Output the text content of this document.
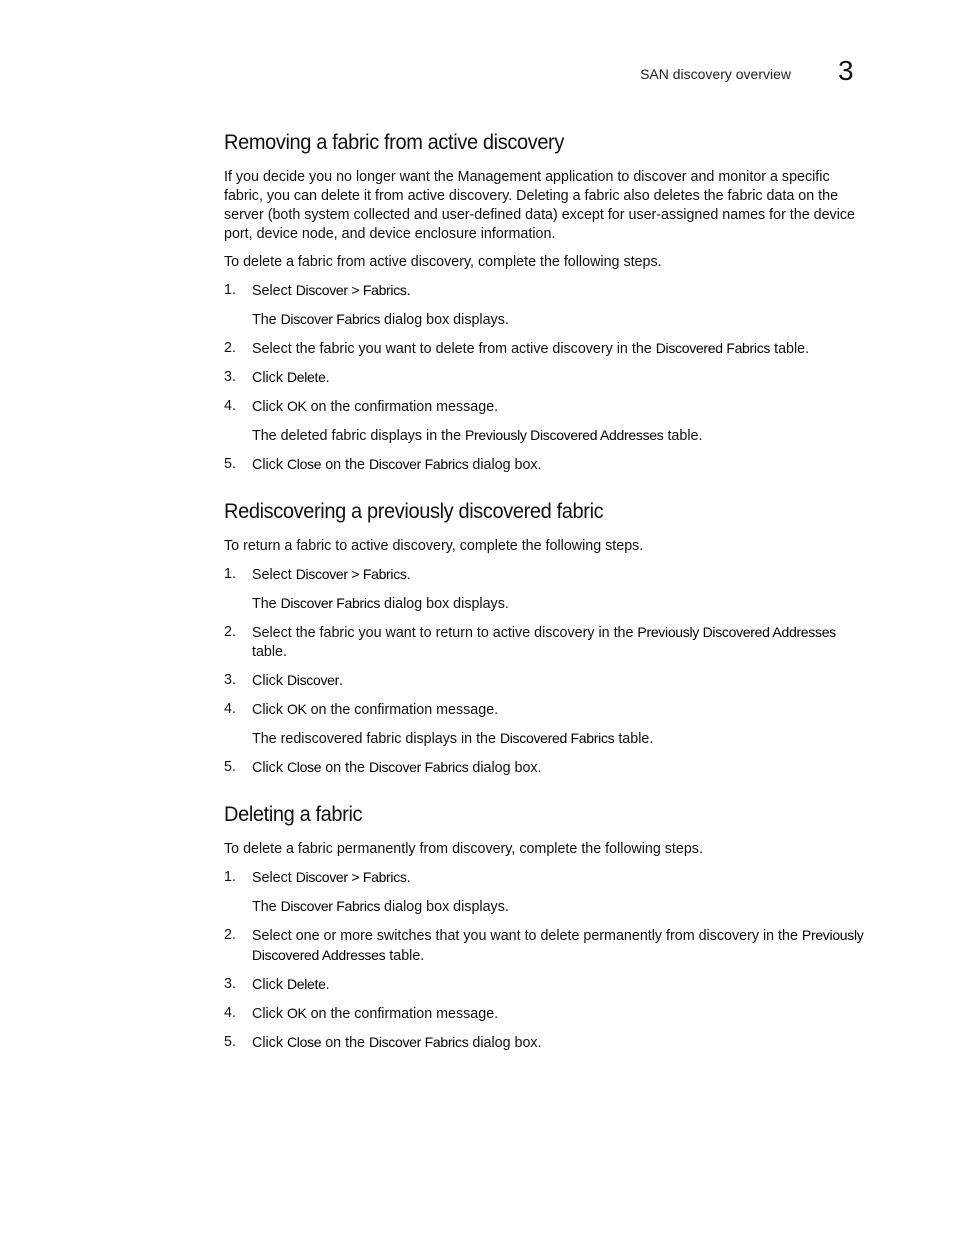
SAN discovery overview 3
Removing a fabric from active discovery

If you decide you no longer want the Management application to discover and monitor a specific fabric, you can delete it from active discovery. Deleting a fabric also deletes the fabric data on the server (both system collected and user-defined data) except for user-assigned names for the device port, device node, and device enclosure information.

To delete a fabric from active discovery, complete the following steps.

1. Select Discover > Fabrics.
The Discover Fabrics dialog box displays.
2. Select the fabric you want to delete from active discovery in the Discovered Fabrics table.
3. Click Delete.
4. Click OK on the confirmation message.
The deleted fabric displays in the Previously Discovered Addresses table.
5. Click Close on the Discover Fabrics dialog box.
Rediscovering a previously discovered fabric

To return a fabric to active discovery, complete the following steps.

1. Select Discover > Fabrics.
The Discover Fabrics dialog box displays.
2. Select the fabric you want to return to active discovery in the Previously Discovered Addresses table.
3. Click Discover.
4. Click OK on the confirmation message.
The rediscovered fabric displays in the Discovered Fabrics table.
5. Click Close on the Discover Fabrics dialog box.
Deleting a fabric

To delete a fabric permanently from discovery, complete the following steps.

1. Select Discover > Fabrics.
The Discover Fabrics dialog box displays.
2. Select one or more switches that you want to delete permanently from discovery in the Previously Discovered Addresses table.
3. Click Delete.
4. Click OK on the confirmation message.
5. Click Close on the Discover Fabrics dialog box.
